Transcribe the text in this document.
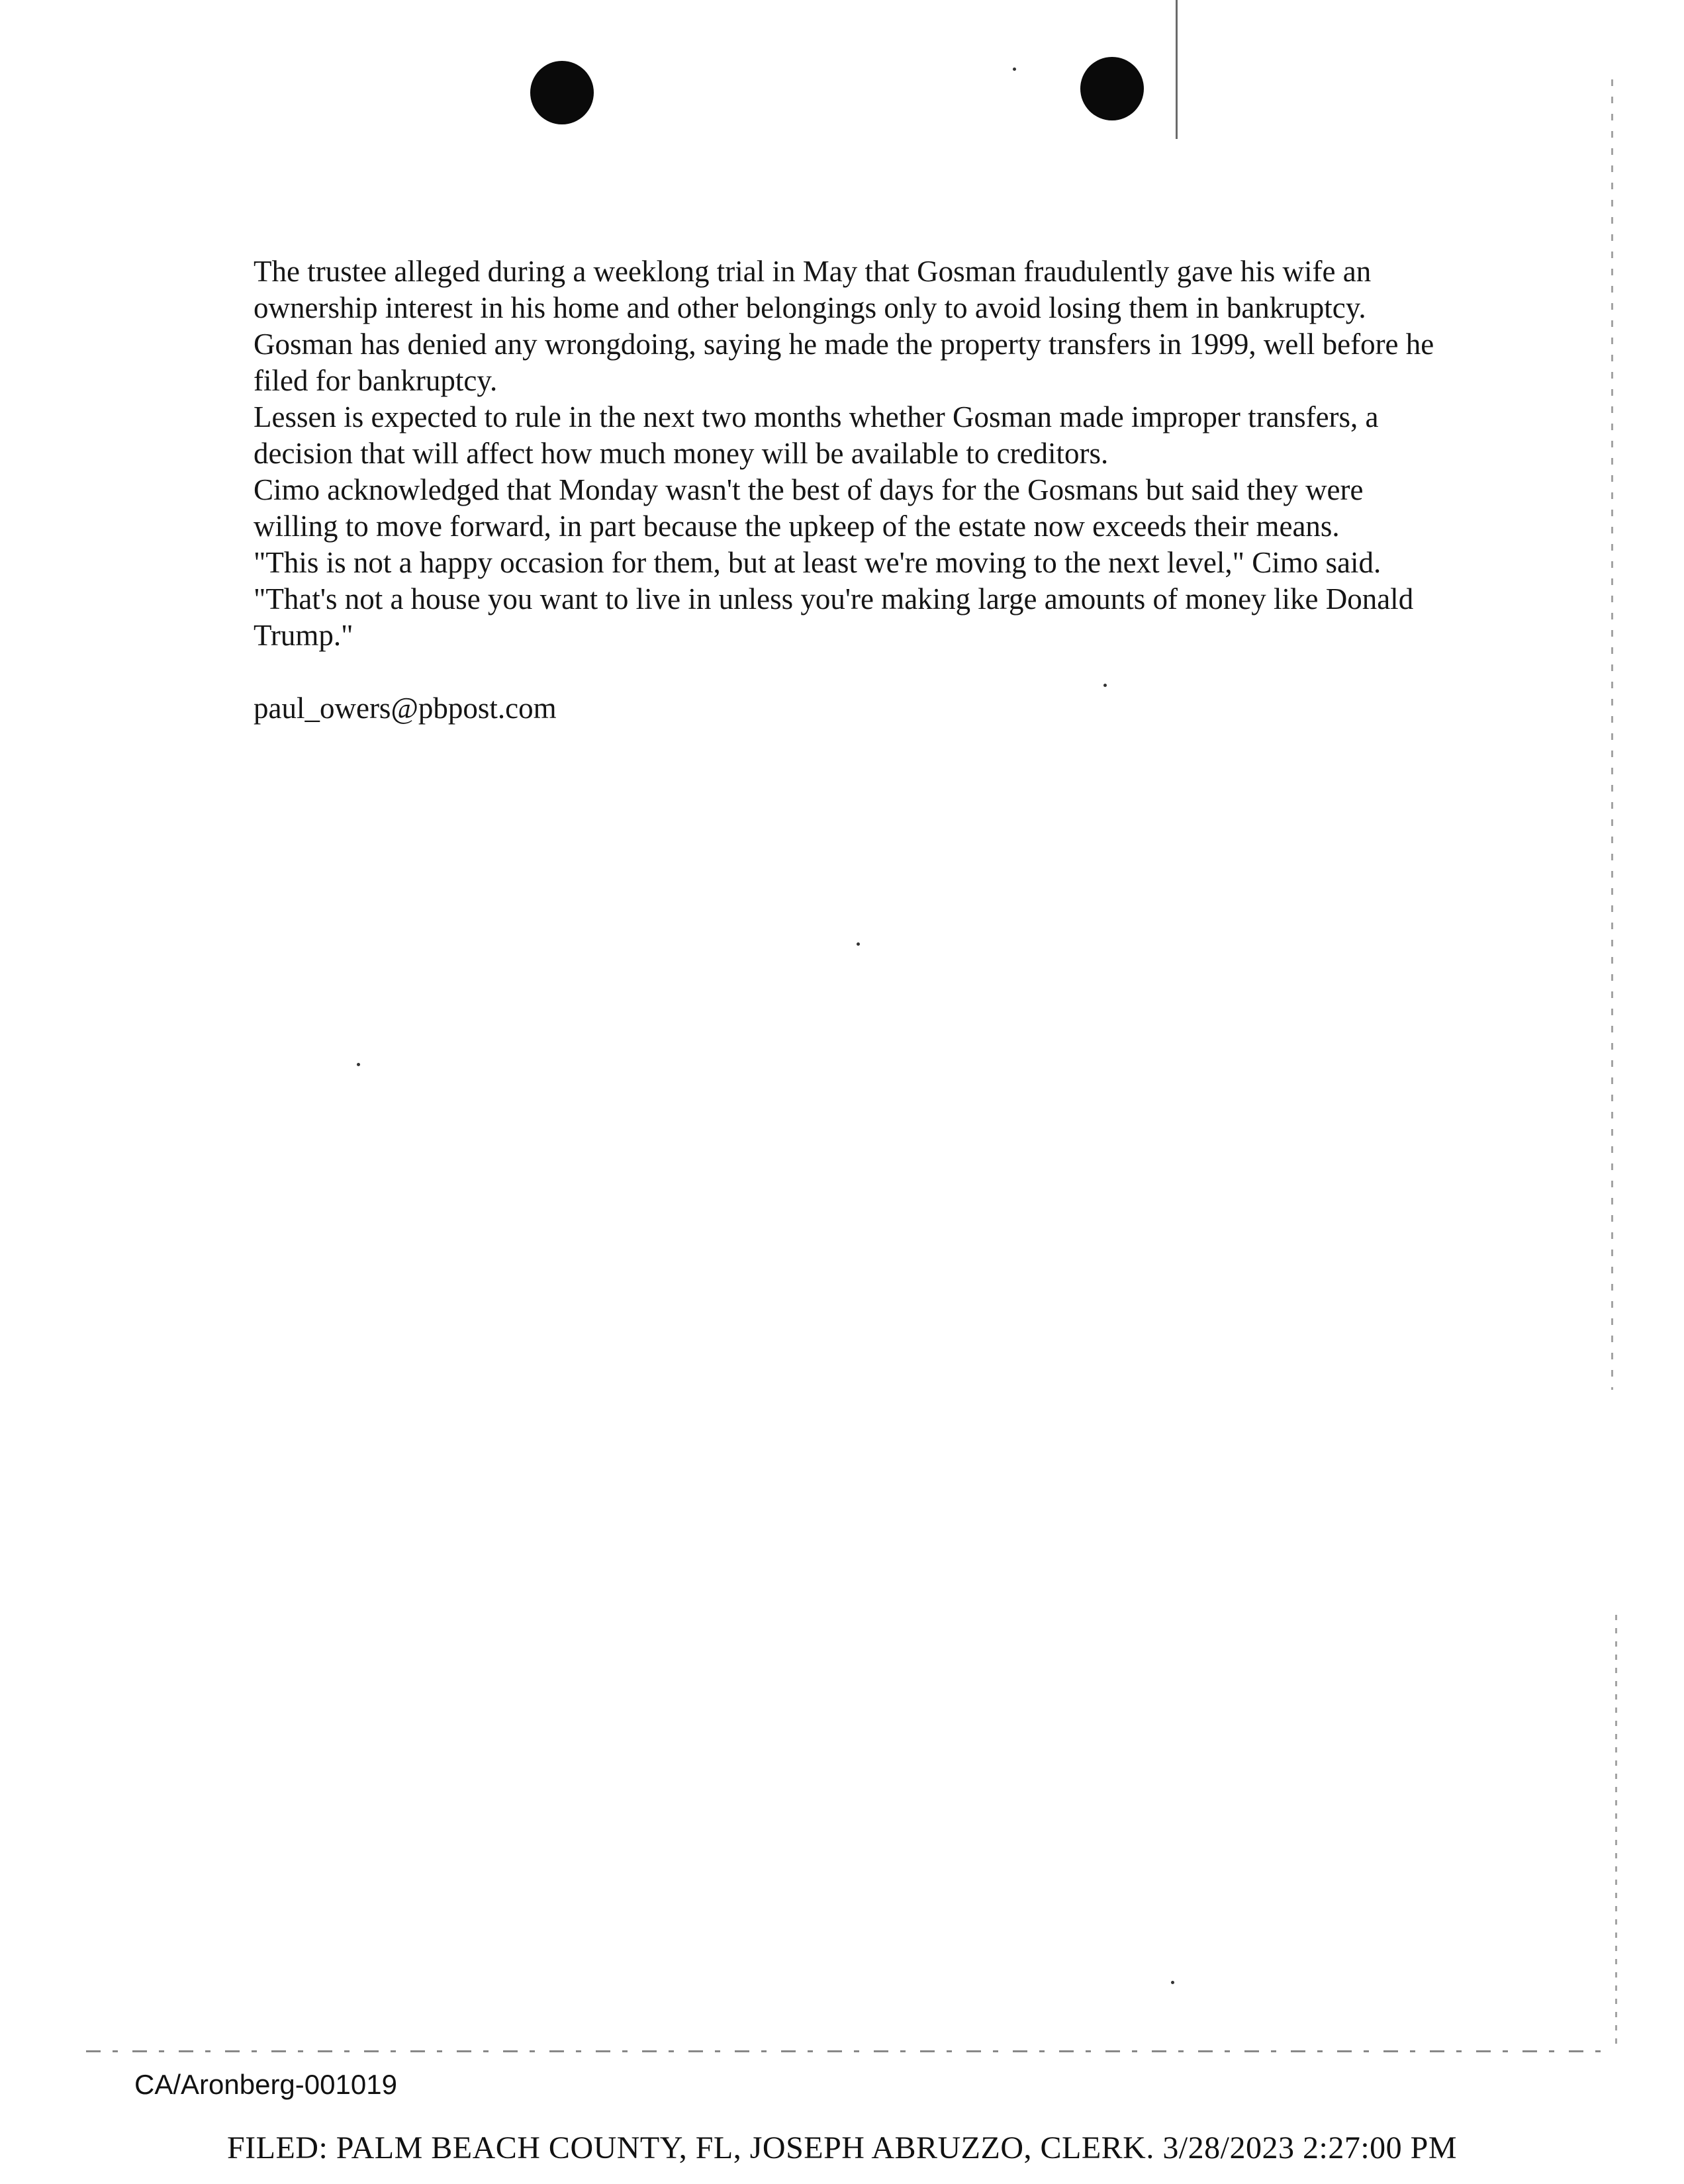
The trustee alleged during a weeklong trial in May that Gosman fraudulently gave his wife an ownership interest in his home and other belongings only to avoid losing them in bankruptcy. Gosman has denied any wrongdoing, saying he made the property transfers in 1999, well before he filed for bankruptcy.

Lessen is expected to rule in the next two months whether Gosman made improper transfers, a decision that will affect how much money will be available to creditors.

Cimo acknowledged that Monday wasn't the best of days for the Gosmans but said they were willing to move forward, in part because the upkeep of the estate now exceeds their means.

"This is not a happy occasion for them, but at least we're moving to the next level," Cimo said. "That's not a house you want to live in unless you're making large amounts of money like Donald Trump."

paul_owers@pbpost.com

CA/Aronberg-001019
FILED: PALM BEACH COUNTY, FL, JOSEPH ABRUZZO, CLERK. 3/28/2023 2:27:00 PM
